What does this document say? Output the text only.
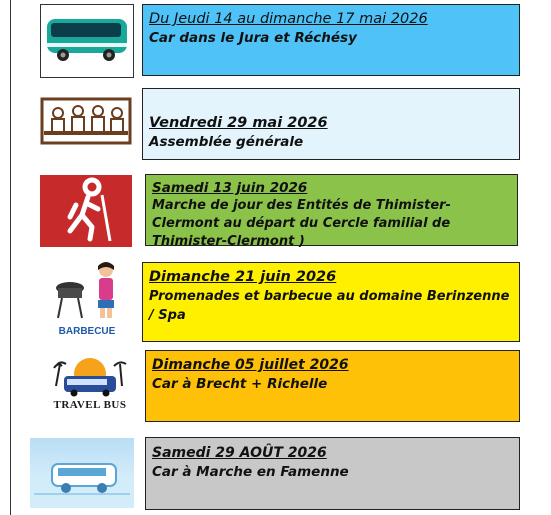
Du Jeudi 14 au dimanche 17 mai 2026
Car dans le Jura et Réchésy
Vendredi 29 mai 2026
Assemblée générale
Samedi 13 juin 2026
Marche de jour des Entités de Thimister-Clermont au départ du Cercle familial de Thimister-Clermont )
BARBECUE
Dimanche 21 juin 2026
Promenades et barbecue au domaine Berinzenne / Spa
TRAVEL BUS
Dimanche 05 juillet 2026
Car à Brecht + Richelle
Samedi 29 AOÛT 2026
Car à Marche en Famenne
